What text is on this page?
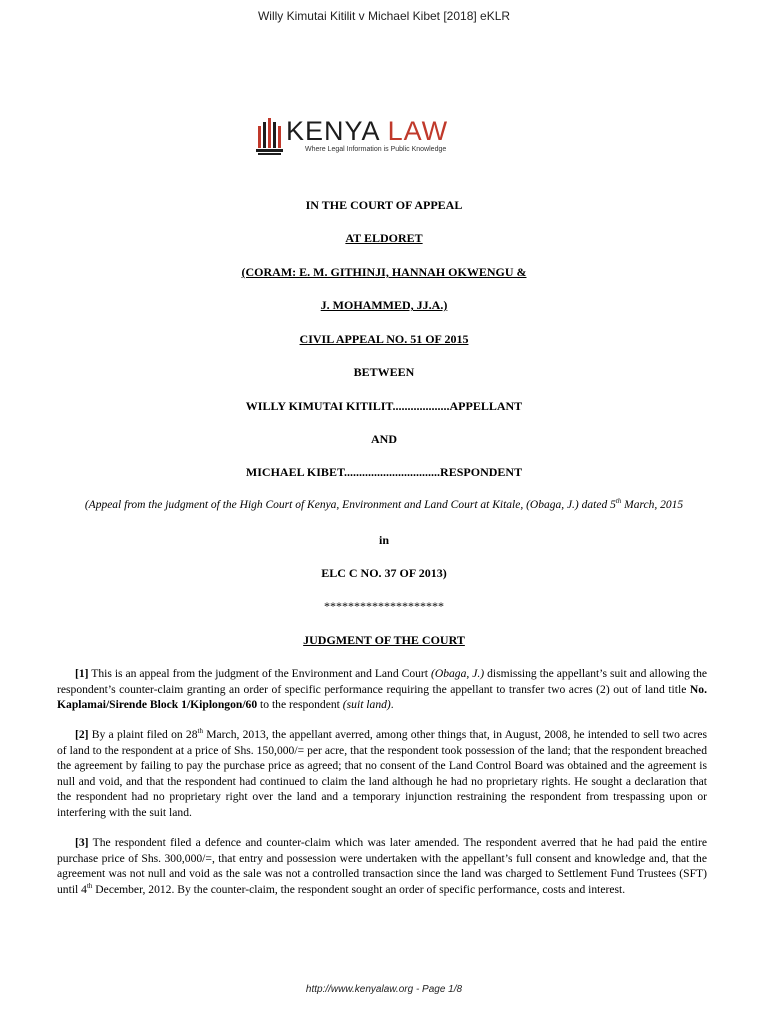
Willy Kimutai Kitilit v Michael Kibet [2018] eKLR
KENYA LAW
Where Legal Information is Public Knowledge
IN THE COURT OF APPEAL
AT ELDORET
(CORAM: E. M. GITHINJI, HANNAH OKWENGU &
J. MOHAMMED, JJ.A.)
CIVIL APPEAL NO. 51 OF 2015
BETWEEN
WILLY KIMUTAI KITILIT...................APPELLANT
AND
MICHAEL KIBET................................RESPONDENT
(Appeal from the judgment of the High Court of Kenya, Environment and Land Court at Kitale, (Obaga, J.) dated 5th March, 2015
in
ELC C NO. 37 OF 2013)
********************
JUDGMENT OF THE COURT
[1] This is an appeal from the judgment of the Environment and Land Court (Obaga, J.) dismissing the appellant’s suit and allowing the respondent’s counter-claim granting an order of specific performance requiring the appellant to transfer two acres (2) out of land title No. Kaplamai/Sirende Block 1/Kiplongon/60 to the respondent (suit land).
[2] By a plaint filed on 28th March, 2013, the appellant averred, among other things that, in August, 2008, he intended to sell two acres of land to the respondent at a price of Shs. 150,000/= per acre, that the respondent took possession of the land; that the respondent breached the agreement by failing to pay the purchase price as agreed; that no consent of the Land Control Board was obtained and the agreement is null and void, and that the respondent had continued to claim the land although he had no proprietary rights. He sought a declaration that the respondent had no proprietary right over the land and a temporary injunction restraining the respondent from trespassing upon or interfering with the suit land.
[3] The respondent filed a defence and counter-claim which was later amended. The respondent averred that he had paid the entire purchase price of Shs. 300,000/=, that entry and possession were undertaken with the appellant’s full consent and knowledge and, that the agreement was not null and void as the sale was not a controlled transaction since the land was charged to Settlement Fund Trustees (SFT) until 4th December, 2012. By the counter-claim, the respondent sought an order of specific performance, costs and interest.
http://www.kenyalaw.org - Page 1/8
